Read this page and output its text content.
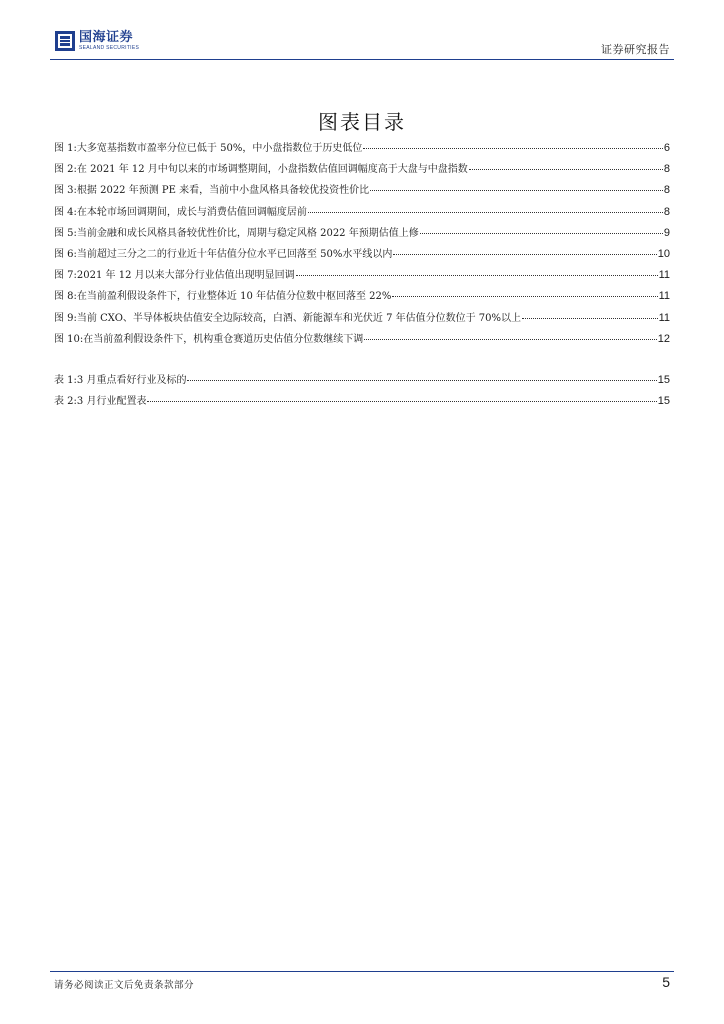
国海证券
SEALAND SECURITIES	证券研究报告
图表目录
图 1: 大多宽基指数市盈率分位已低于 50%，中小盘指数位于历史低位	6
图 2: 在 2021 年 12 月中旬以来的市场调整期间，小盘指数估值回调幅度高于大盘与中盘指数	8
图 3: 根据 2022 年预测 PE 来看，当前中小盘风格具备较优投资性价比	8
图 4: 在本轮市场回调期间，成长与消费估值回调幅度居前	8
图 5: 当前金融和成长风格具备较优性价比，周期与稳定风格 2022 年预期估值上修	9
图 6: 当前超过三分之二的行业近十年估值分位水平已回落至 50%水平线以内	10
图 7: 2021 年 12 月以来大部分行业估值出现明显回调	11
图 8: 在当前盈利假设条件下，行业整体近 10 年估值分位数中枢回落至 22%	11
图 9: 当前 CXO、半导体板块估值安全边际较高，白酒、新能源车和光伏近 7 年估值分位数位于 70%以上	11
图 10: 在当前盈利假设条件下，机构重仓赛道历史估值分位数继续下调	12
表 1: 3 月重点看好行业及标的	15
表 2: 3 月行业配置表	15
请务必阅读正文后免责条款部分	5
